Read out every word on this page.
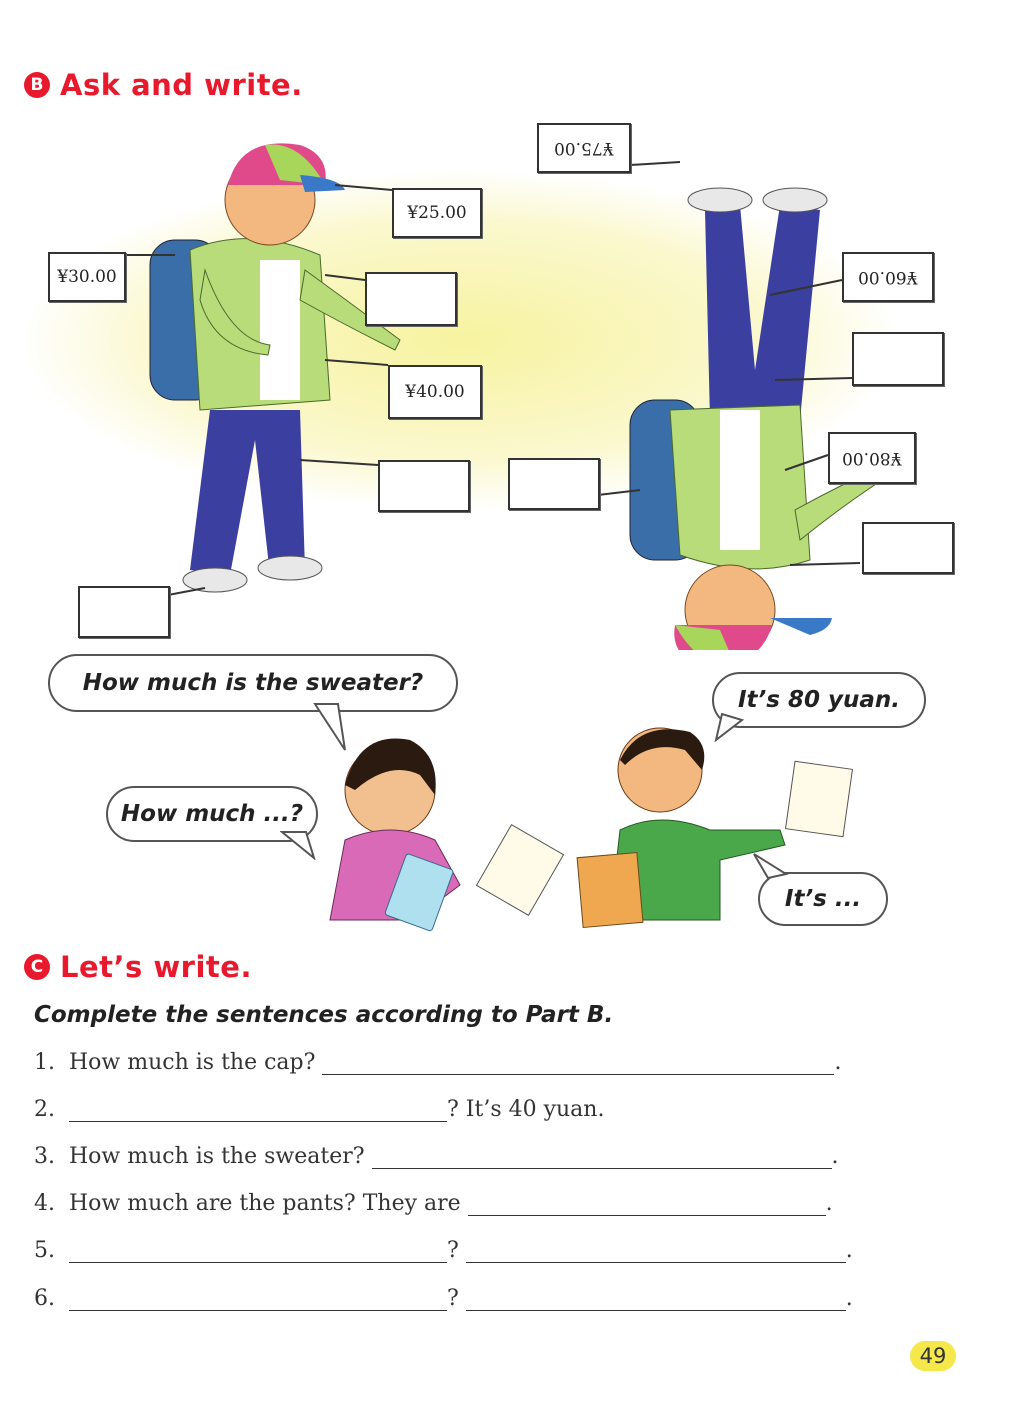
B Ask and write.
¥25.00
¥30.00
¥40.00
¥75.00
¥60.00
¥80.00
How much is the sweater?
It’s 80 yuan.
How much ...?
It’s ...
C Let’s write.
Complete the sentences according to Part B.
1. How much is the cap?	.
2.	? It’s 40 yuan.
3. How much is the sweater?	.
4. How much are the pants? They are	.
5.	?	.
6.	?	.
49
